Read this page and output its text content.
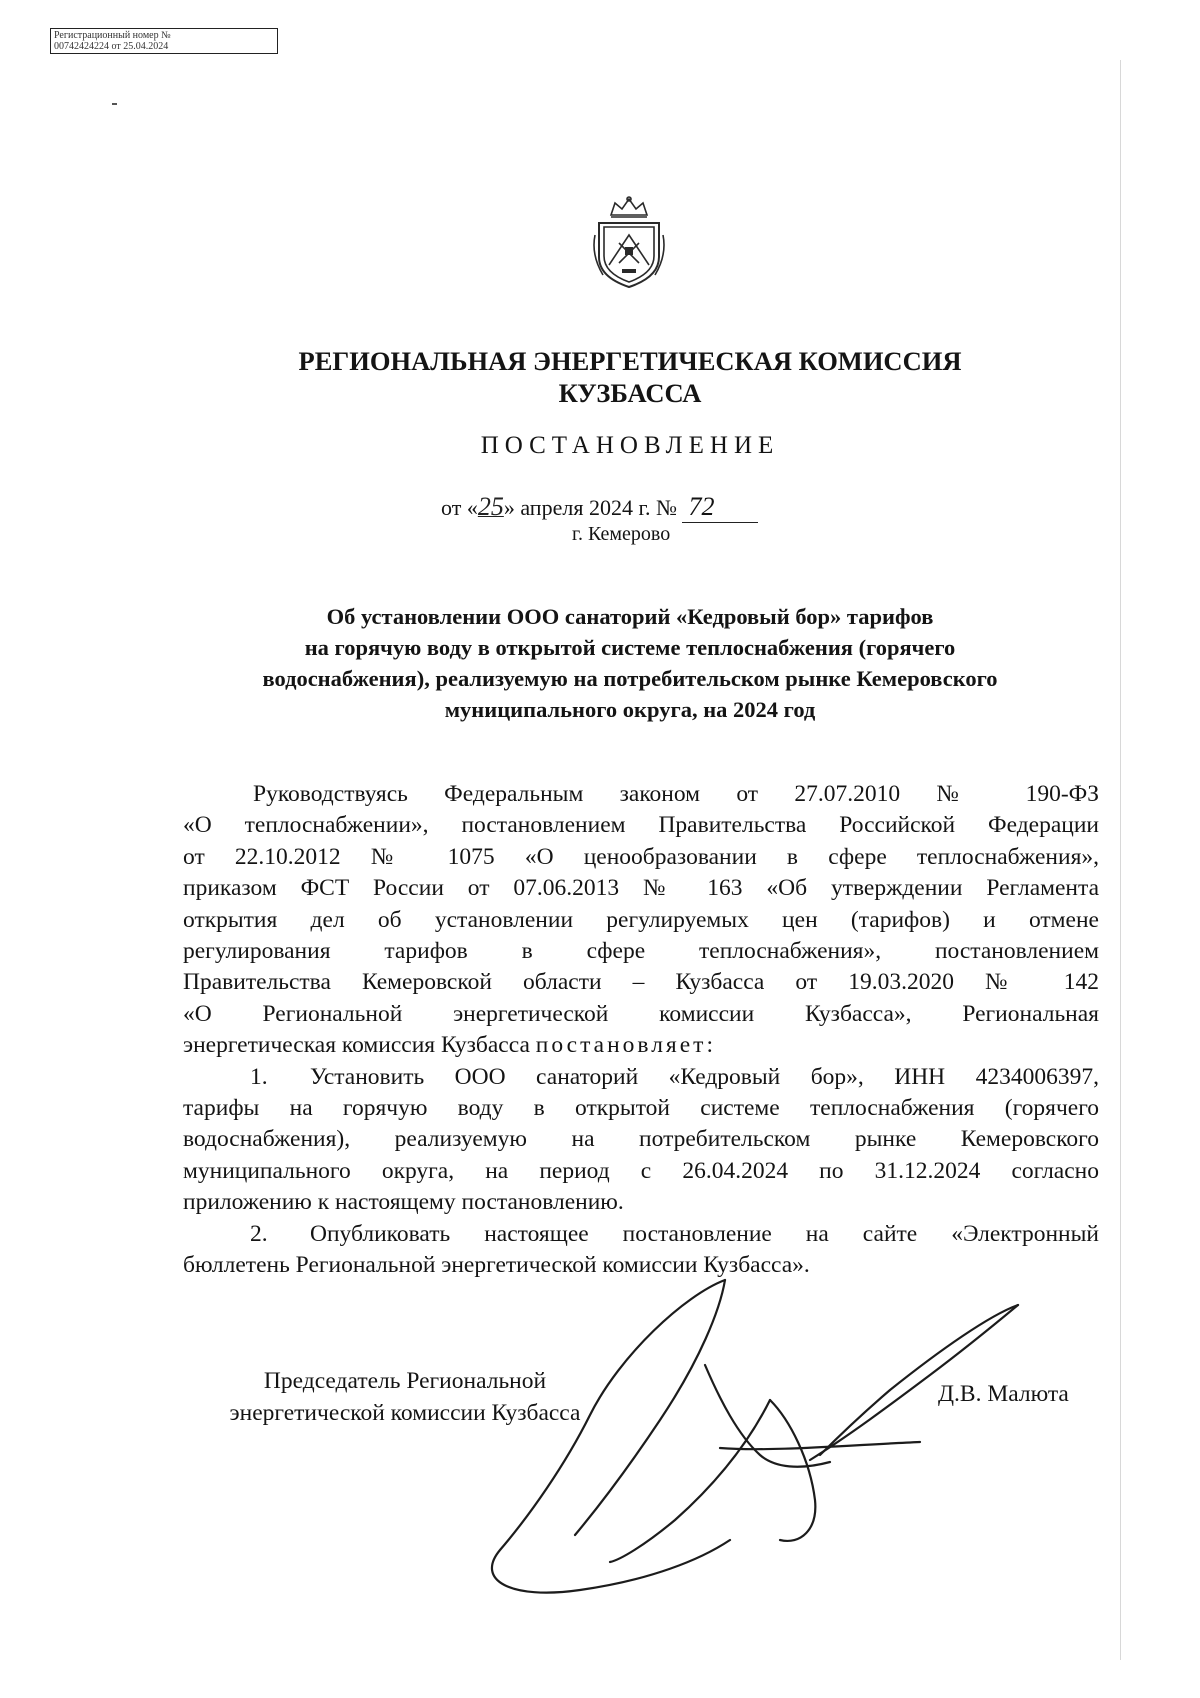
Регистрационный номер №
00742424224 от 25.04.2024
РЕГИОНАЛЬНАЯ ЭНЕРГЕТИЧЕСКАЯ КОМИССИЯ
КУЗБАССА
ПОСТАНОВЛЕНИЕ
от «25» апреля 2024 г. № 72
г. Кемерово
Об установлении ООО санаторий «Кедровый бор» тарифов
на горячую воду в открытой системе теплоснабжения (горячего
водоснабжения), реализуемую на потребительском рынке Кемеровского
муниципального округа, на 2024 год
Руководствуясь Федеральным законом от 27.07.2010 № 190-ФЗ
«О теплоснабжении», постановлением Правительства Российской Федерации
от 22.10.2012 № 1075 «О ценообразовании в сфере теплоснабжения»,
приказом ФСТ России от 07.06.2013 № 163 «Об утверждении Регламента
открытия дел об установлении регулируемых цен (тарифов) и отмене
регулирования тарифов в сфере теплоснабжения», постановлением
Правительства Кемеровской области – Кузбасса от 19.03.2020 № 142
«О Региональной энергетической комиссии Кузбасса», Региональная
энергетическая комиссия Кузбасса постановляет:
1. Установить ООО санаторий «Кедровый бор», ИНН 4234006397,
тарифы на горячую воду в открытой системе теплоснабжения (горячего
водоснабжения), реализуемую на потребительском рынке Кемеровского
муниципального округа, на период с 26.04.2024 по 31.12.2024 согласно
приложению к настоящему постановлению.
2. Опубликовать настоящее постановление на сайте «Электронный
бюллетень Региональной энергетической комиссии Кузбасса».
Председатель Региональной
энергетической комиссии Кузбасса
Д.В. Малюта
